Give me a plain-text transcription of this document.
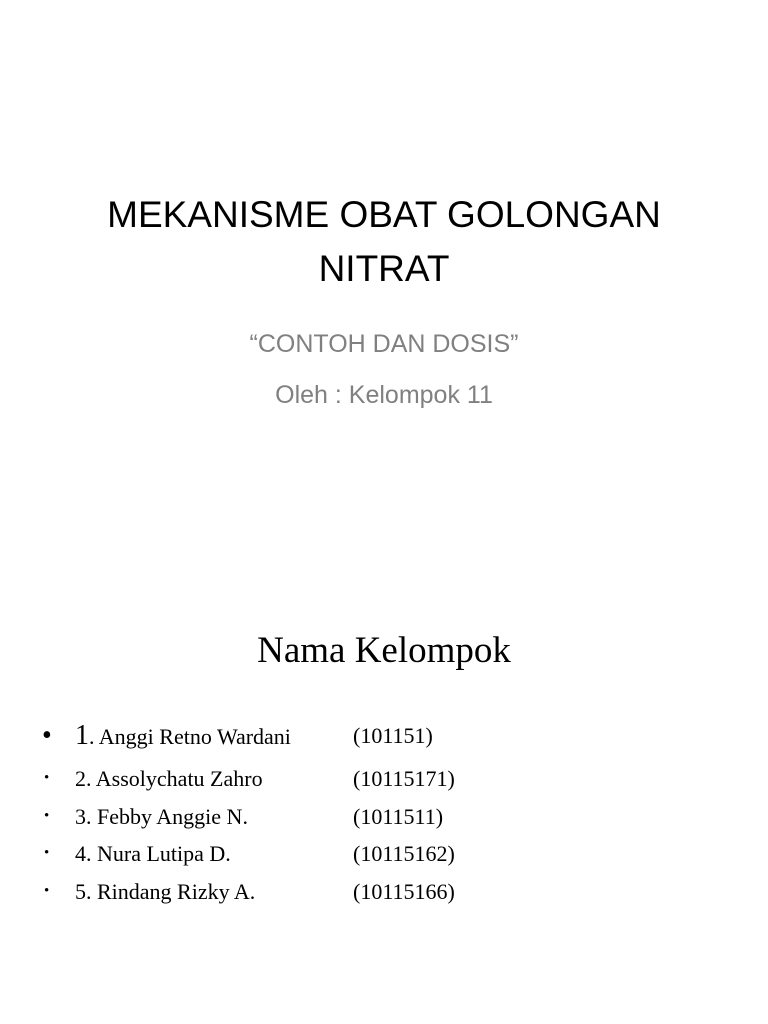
MEKANISME OBAT GOLONGAN NITRAT
“CONTOH DAN DOSIS”
Oleh : Kelompok 11
Nama Kelompok
• 1. Anggi Retno Wardani	(101151)
• 2. Assolychatu Zahro	(10115171)
• 3. Febby Anggie N.	(1011511)
• 4. Nura Lutipa D.	(10115162)
• 5. Rindang Rizky A.	(10115166)
